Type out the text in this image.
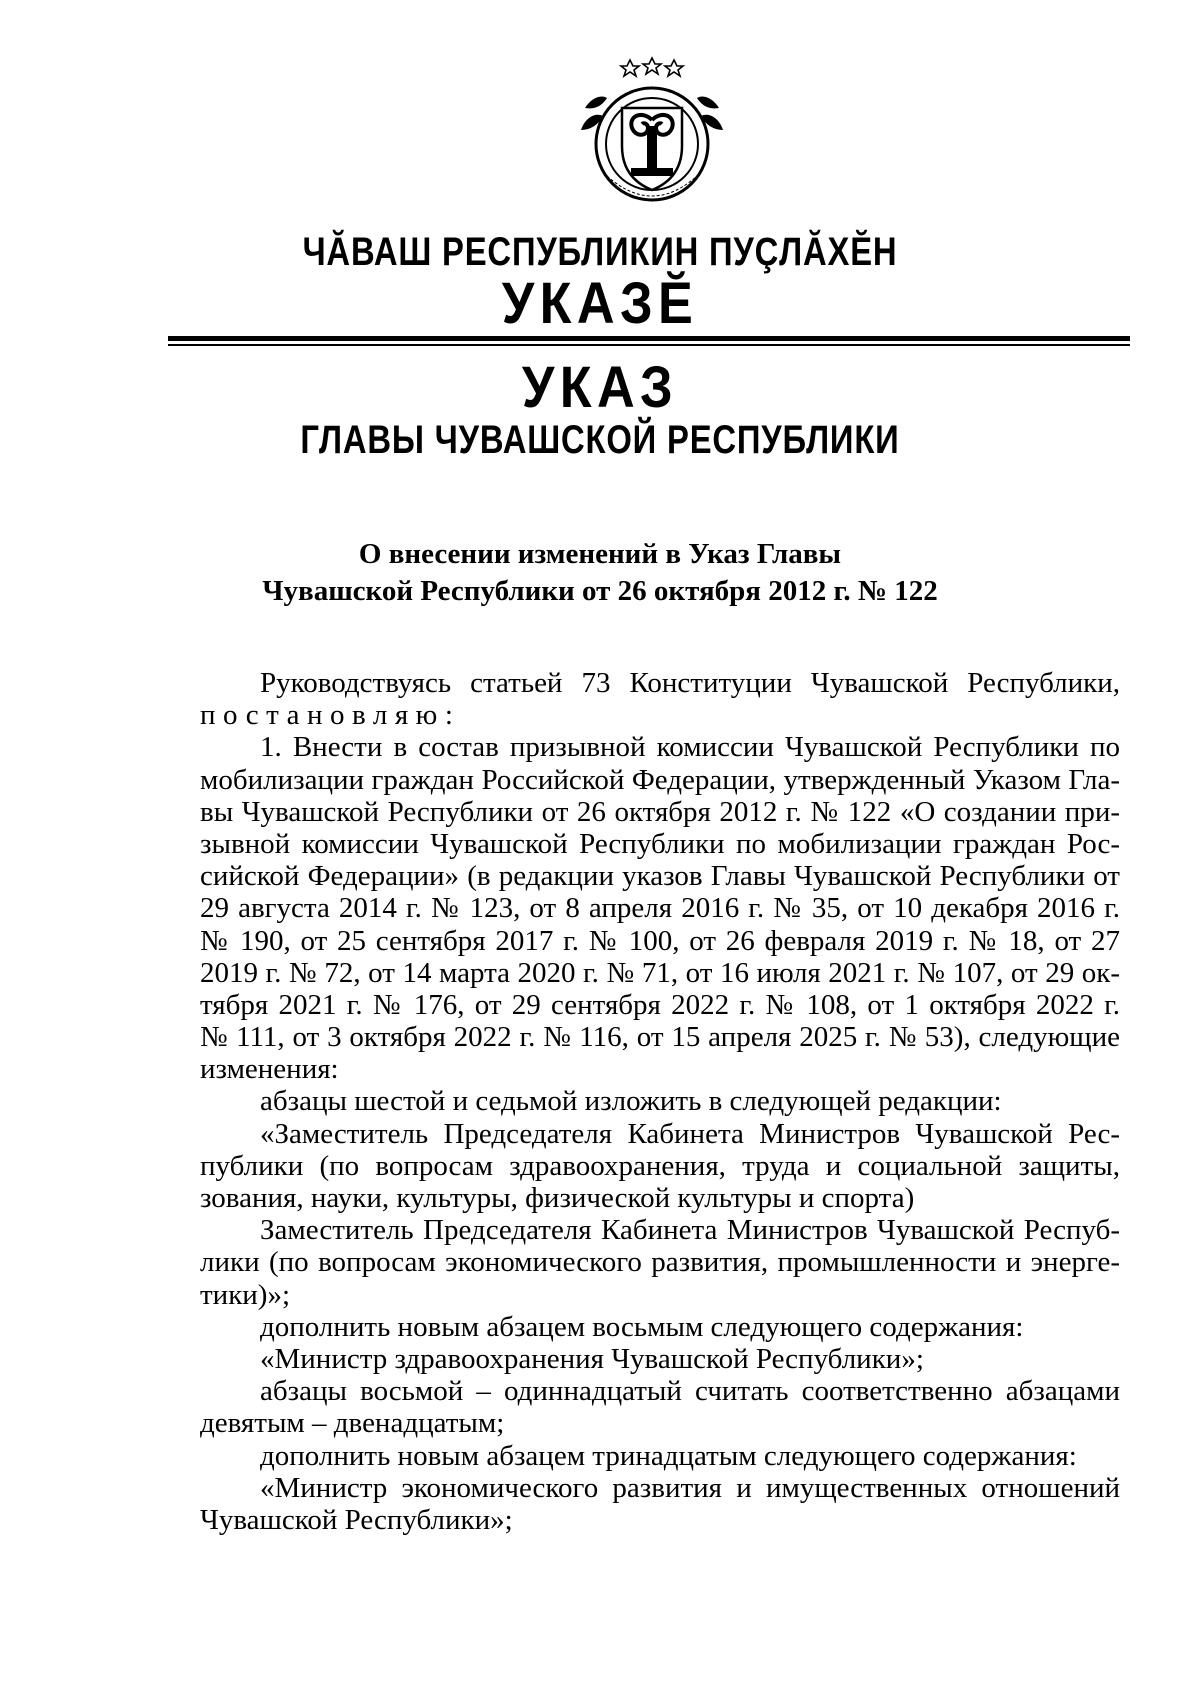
ЧĂВАШ РЕСПУБЛИКИН ПУÇЛĂХĔН
УКАЗĔ
УКАЗ
ГЛАВЫ ЧУВАШСКОЙ РЕСПУБЛИКИ
О внесении изменений в Указ Главы
Чувашской Республики от 26 октября 2012 г. № 122
Руководствуясь статьей 73 Конституции Чувашской Республики,
постановляю:
1. Внести в состав призывной комиссии Чувашской Республики по
мобилизации граждан Российской Федерации, утвержденный Указом Гла-
вы Чувашской Республики от 26 октября 2012 г. № 122 «О создании при-
зывной комиссии Чувашской Республики по мобилизации граждан Рос-
сийской Федерации» (в редакции указов Главы Чувашской Республики от
29 августа 2014 г. № 123, от 8 апреля 2016 г. № 35, от 10 декабря 2016 г.
№ 190, от 25 сентября 2017 г. № 100, от 26 февраля 2019 г. № 18, от 27
2019 г. № 72, от 14 марта 2020 г. № 71, от 16 июля 2021 г. № 107, от 29 ок-
тября 2021 г. № 176, от 29 сентября 2022 г. № 108, от 1 октября 2022 г.
№ 111, от 3 октября 2022 г. № 116, от 15 апреля 2025 г. № 53), следующие
изменения:
абзацы шестой и седьмой изложить в следующей редакции:
«Заместитель Председателя Кабинета Министров Чувашской Рес-
публики (по вопросам здравоохранения, труда и социальной защиты,
зования, науки, культуры, физической культуры и спорта)
Заместитель Председателя Кабинета Министров Чувашской Респуб-
лики (по вопросам экономического развития, промышленности и энерге-
тики)»;
дополнить новым абзацем восьмым следующего содержания:
«Министр здравоохранения Чувашской Республики»;
абзацы восьмой – одиннадцатый считать соответственно абзацами
девятым – двенадцатым;
дополнить новым абзацем тринадцатым следующего содержания:
«Министр экономического развития и имущественных отношений
Чувашской Республики»;
